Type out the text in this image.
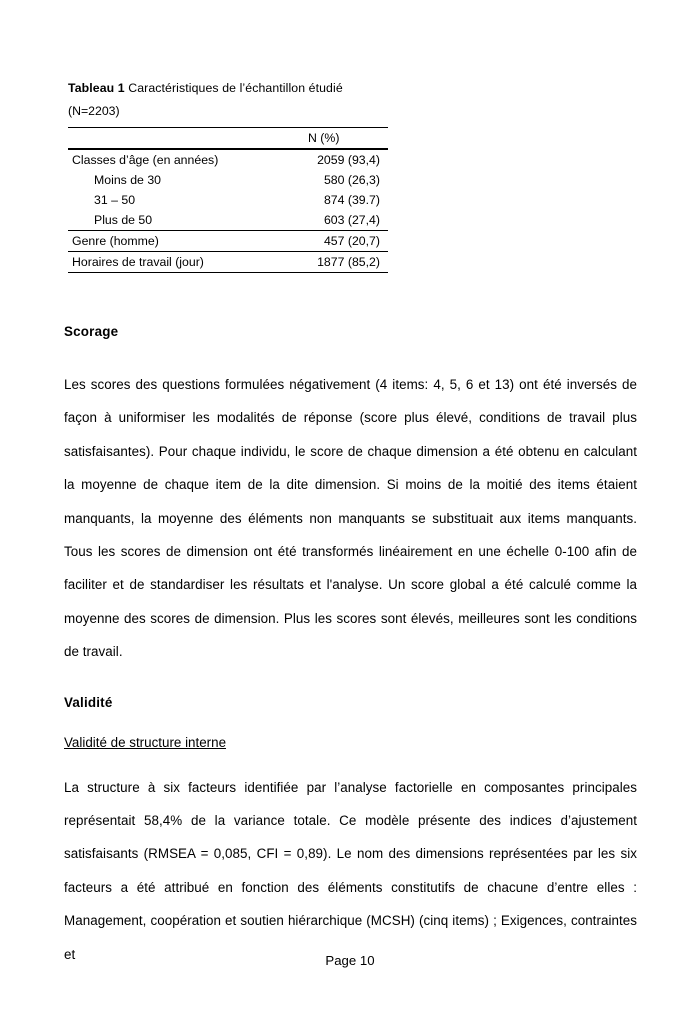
Tableau 1 Caractéristiques de l’échantillon étudié
(N=2203)
	N (%)
Classes d’âge (en années)	2059 (93,4)
Moins de 30	580 (26,3)
31 – 50	874 (39.7)
Plus de 50	603 (27,4)
Genre (homme)	457 (20,7)
Horaires de travail (jour)	1877 (85,2)
Scorage

Les scores des questions formulées négativement (4 items: 4, 5, 6 et 13) ont été inversés de façon à uniformiser les modalités de réponse (score plus élevé, conditions de travail plus satisfaisantes). Pour chaque individu, le score de chaque dimension a été obtenu en calculant la moyenne de chaque item de la dite dimension. Si moins de la moitié des items étaient manquants, la moyenne des éléments non manquants se substituait aux items manquants. Tous les scores de dimension ont été transformés linéairement en une échelle 0-100 afin de faciliter et de standardiser les résultats et l'analyse. Un score global a été calculé comme la moyenne des scores de dimension. Plus les scores sont élevés, meilleures sont les conditions de travail.

Validité
Validité de structure interne

La structure à six facteurs identifiée par l’analyse factorielle en composantes principales représentait 58,4% de la variance totale. Ce modèle présente des indices d’ajustement satisfaisants (RMSEA = 0,085, CFI = 0,89). Le nom des dimensions représentées par les six facteurs a été attribué en fonction des éléments constitutifs de chacune d’entre elles : Management, coopération et soutien hiérarchique (MCSH) (cinq items) ; Exigences, contraintes et	Page 10
